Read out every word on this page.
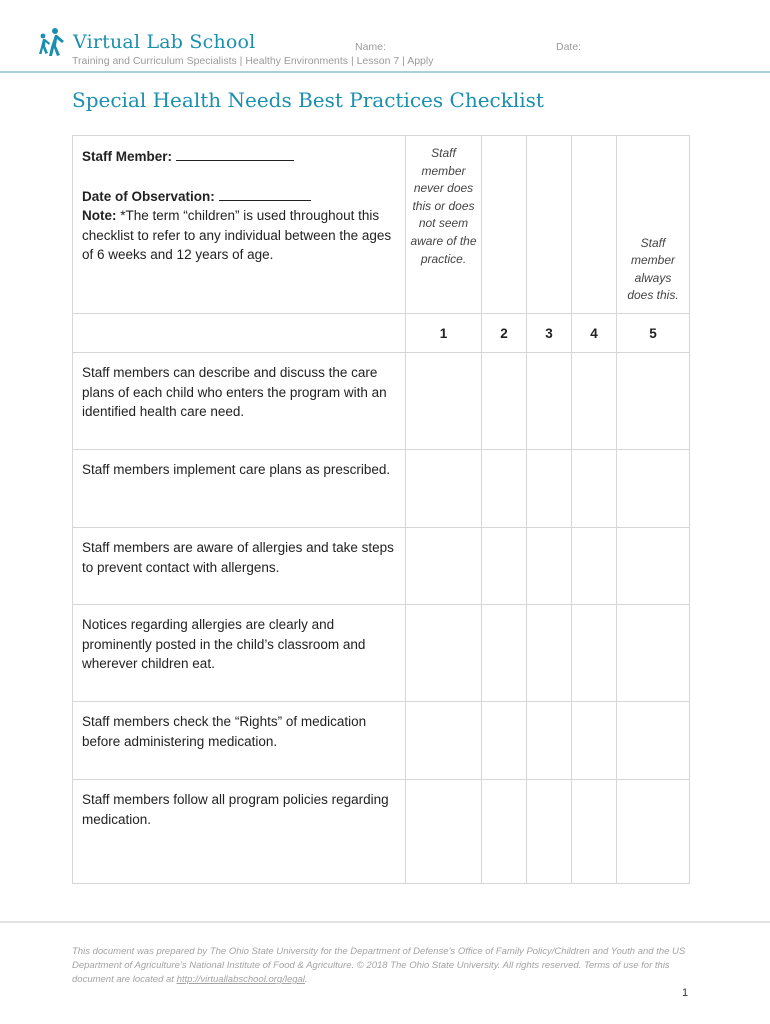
Virtual Lab School	Name:	Date:
Training and Curriculum Specialists | Healthy Environments | Lesson 7 | Apply
Special Health Needs Best Practices Checklist
Staff Member:
Date of Observation:
Note: *The term “children” is used throughout this checklist to refer to any individual between the ages of 6 weeks and 12 years of age.	Staff member never does this or does not seem aware of the practice.				Staff member always does this.
	1	2	3	4	5
Staff members can describe and discuss the care plans of each child who enters the program with an identified health care need.					
Staff members implement care plans as prescribed.					
Staff members are aware of allergies and take steps to prevent contact with allergens.					
Notices regarding allergies are clearly and prominently posted in the child’s classroom and wherever children eat.					
Staff members check the “Rights” of medication before administering medication.					
Staff members follow all program policies regarding medication.					

This document was prepared by The Ohio State University for the Department of Defense’s Office of Family Policy/Children and Youth and the US Department of Agriculture’s National Institute of Food & Agriculture. © 2018 The Ohio State University. All rights reserved. Terms of use for this document are located at http://virtuallabschool.org/legal.

1
